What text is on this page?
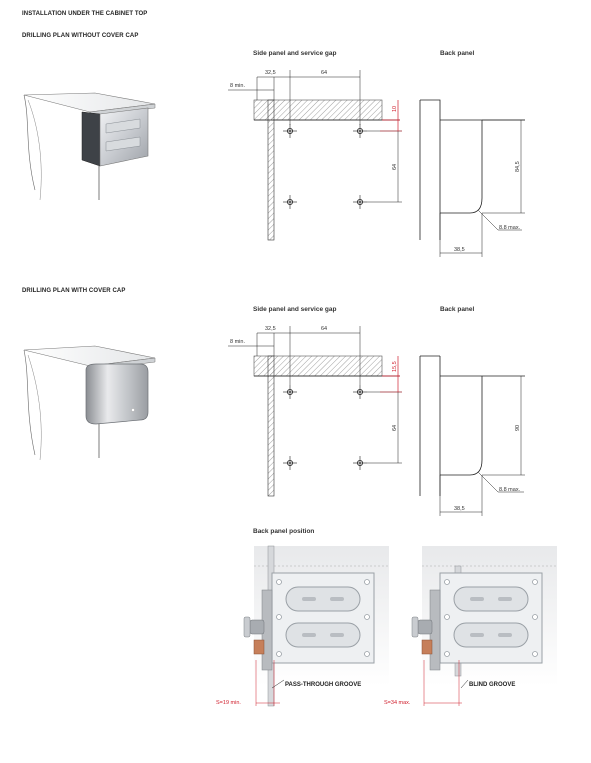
INSTALLATION UNDER THE CABINET TOP
DRILLING PLAN WITHOUT COVER CAP
DRILLING PLAN WITH COVER CAP
Side panel and service gap	Back panel
Side panel and service gap	Back panel
Back panel position
32,5	64
8 min.
10
64	84,5
8.8 max.
38,5
32,5	64
8 min.
15,5
64	90
8.8 max.
38,5
PASS-THROUGH GROOVE
S=19 min.
BLIND GROOVE
S=34 max.
